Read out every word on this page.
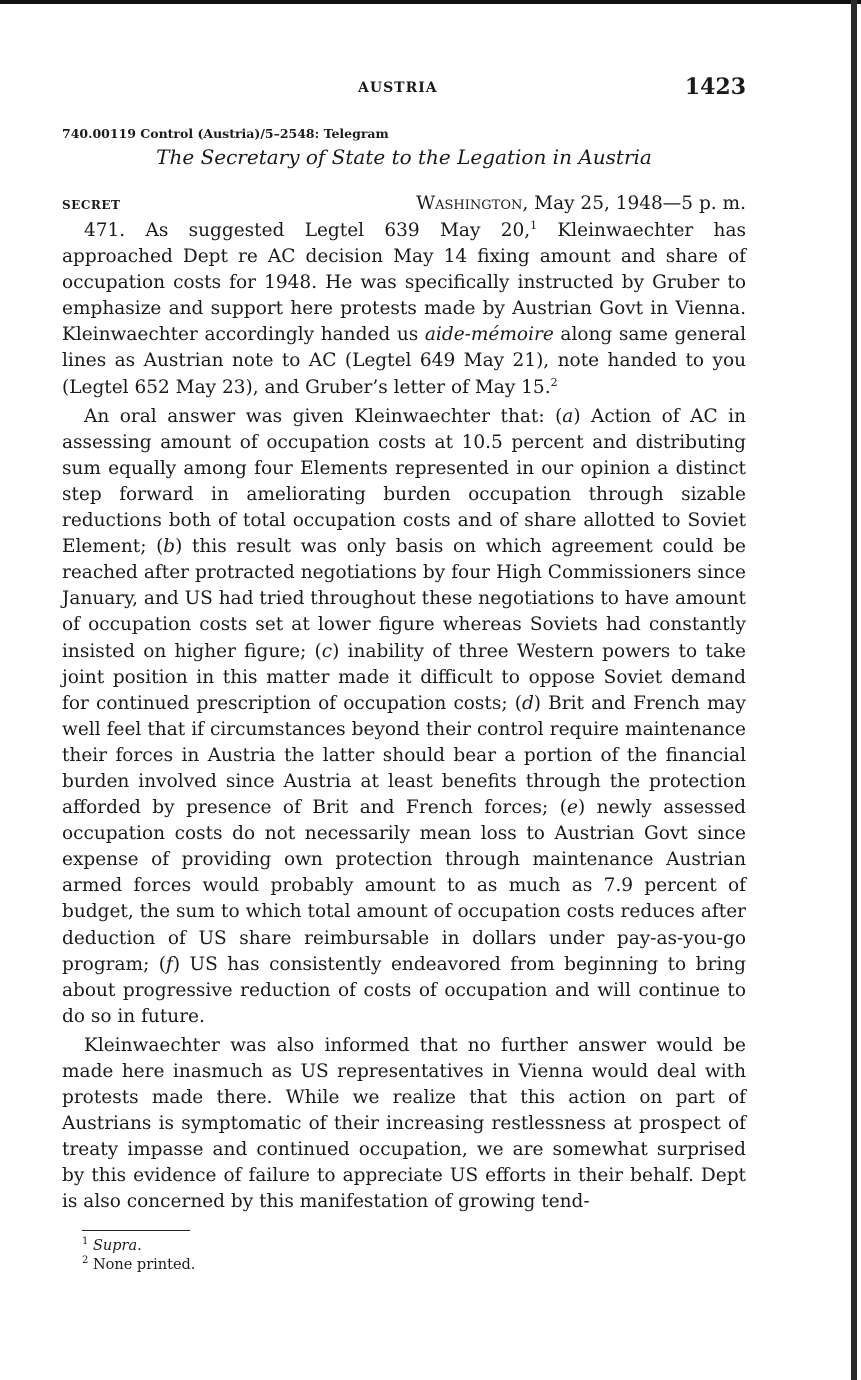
AUSTRIA	1423
740.00119 Control (Austria)/5–2548: Telegram
The Secretary of State to the Legation in Austria
SECRET	Washington, May 25, 1948—5 p. m.

471. As suggested Legtel 639 May 20,$^1$ Kleinwaechter has approached Dept re AC decision May 14 fixing amount and share of occupation costs for 1948. He was specifically instructed by Gruber to emphasize and support here protests made by Austrian Govt in Vienna. Kleinwaechter accordingly handed us aide-mémoire along same general lines as Austrian note to AC (Legtel 649 May 21), note handed to you (Legtel 652 May 23), and Gruber’s letter of May 15.$^2$

An oral answer was given Kleinwaechter that: (a) Action of AC in assessing amount of occupation costs at 10.5 percent and distributing sum equally among four Elements represented in our opinion a distinct step forward in ameliorating burden occupation through sizable reductions both of total occupation costs and of share allotted to Soviet Element; (b) this result was only basis on which agreement could be reached after protracted negotiations by four High Commissioners since January, and US had tried throughout these negotiations to have amount of occupation costs set at lower figure whereas Soviets had constantly insisted on higher figure; (c) inability of three Western powers to take joint position in this matter made it difficult to oppose Soviet demand for continued prescription of occupation costs; (d) Brit and French may well feel that if circumstances beyond their control require maintenance their forces in Austria the latter should bear a portion of the financial burden involved since Austria at least benefits through the protection afforded by presence of Brit and French forces; (e) newly assessed occupation costs do not necessarily mean loss to Austrian Govt since expense of providing own protection through maintenance Austrian armed forces would probably amount to as much as 7.9 percent of budget, the sum to which total amount of occupation costs reduces after deduction of US share reimbursable in dollars under pay-as-you-go program; (f) US has consistently endeavored from beginning to bring about progressive reduction of costs of occupation and will continue to do so in future.

Kleinwaechter was also informed that no further answer would be made here inasmuch as US representatives in Vienna would deal with protests made there. While we realize that this action on part of Austrians is symptomatic of their increasing restlessness at prospect of treaty impasse and continued occupation, we are somewhat surprised by this evidence of failure to appreciate US efforts in their behalf. Dept is also concerned by this manifestation of growing tend-

$^1$ Supra.
$^2$ None printed.
